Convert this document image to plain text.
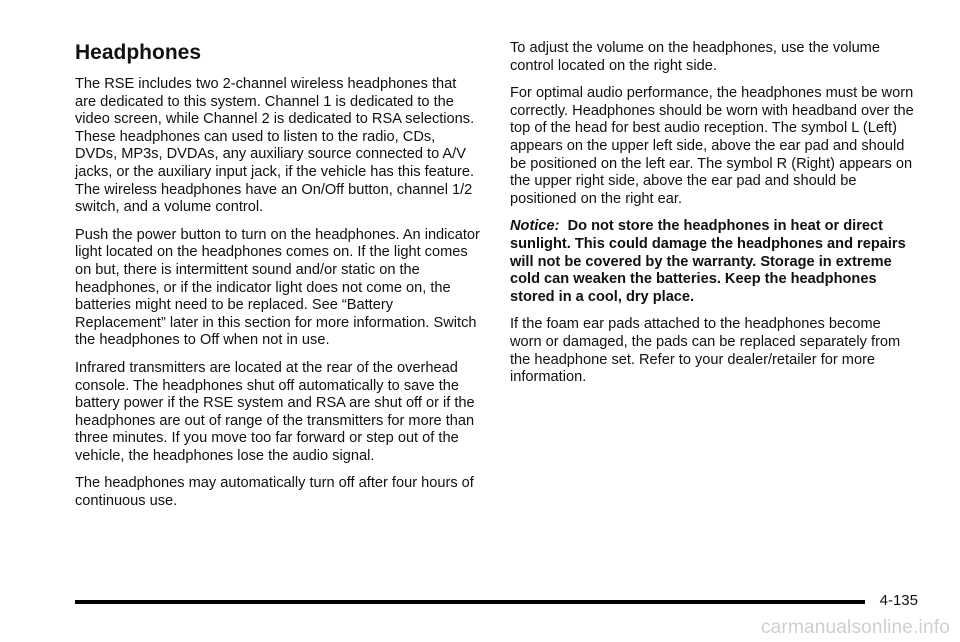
Headphones

The RSE includes two 2-channel wireless headphones that are dedicated to this system. Channel 1 is dedicated to the video screen, while Channel 2 is dedicated to RSA selections. These headphones can used to listen to the radio, CDs, DVDs, MP3s, DVDAs, any auxiliary source connected to A/V jacks, or the auxiliary input jack, if the vehicle has this feature. The wireless headphones have an On/Off button, channel 1/2 switch, and a volume control.

Push the power button to turn on the headphones. An indicator light located on the headphones comes on. If the light comes on but, there is intermittent sound and/or static on the headphones, or if the indicator light does not come on, the batteries might need to be replaced. See “Battery Replacement” later in this section for more information. Switch the headphones to Off when not in use.

Infrared transmitters are located at the rear of the overhead console. The headphones shut off automatically to save the battery power if the RSE system and RSA are shut off or if the headphones are out of range of the transmitters for more than three minutes. If you move too far forward or step out of the vehicle, the headphones lose the audio signal.

The headphones may automatically turn off after four hours of continuous use.

To adjust the volume on the headphones, use the volume control located on the right side.

For optimal audio performance, the headphones must be worn correctly. Headphones should be worn with headband over the top of the head for best audio reception. The symbol L (Left) appears on the upper left side, above the ear pad and should be positioned on the left ear. The symbol R (Right) appears on the upper right side, above the ear pad and should be positioned on the right ear.

Notice: Do not store the headphones in heat or direct sunlight. This could damage the headphones and repairs will not be covered by the warranty. Storage in extreme cold can weaken the batteries. Keep the headphones stored in a cool, dry place.

If the foam ear pads attached to the headphones become worn or damaged, the pads can be replaced separately from the headphone set. Refer to your dealer/retailer for more information.

4-135
carmanualsonline.info
